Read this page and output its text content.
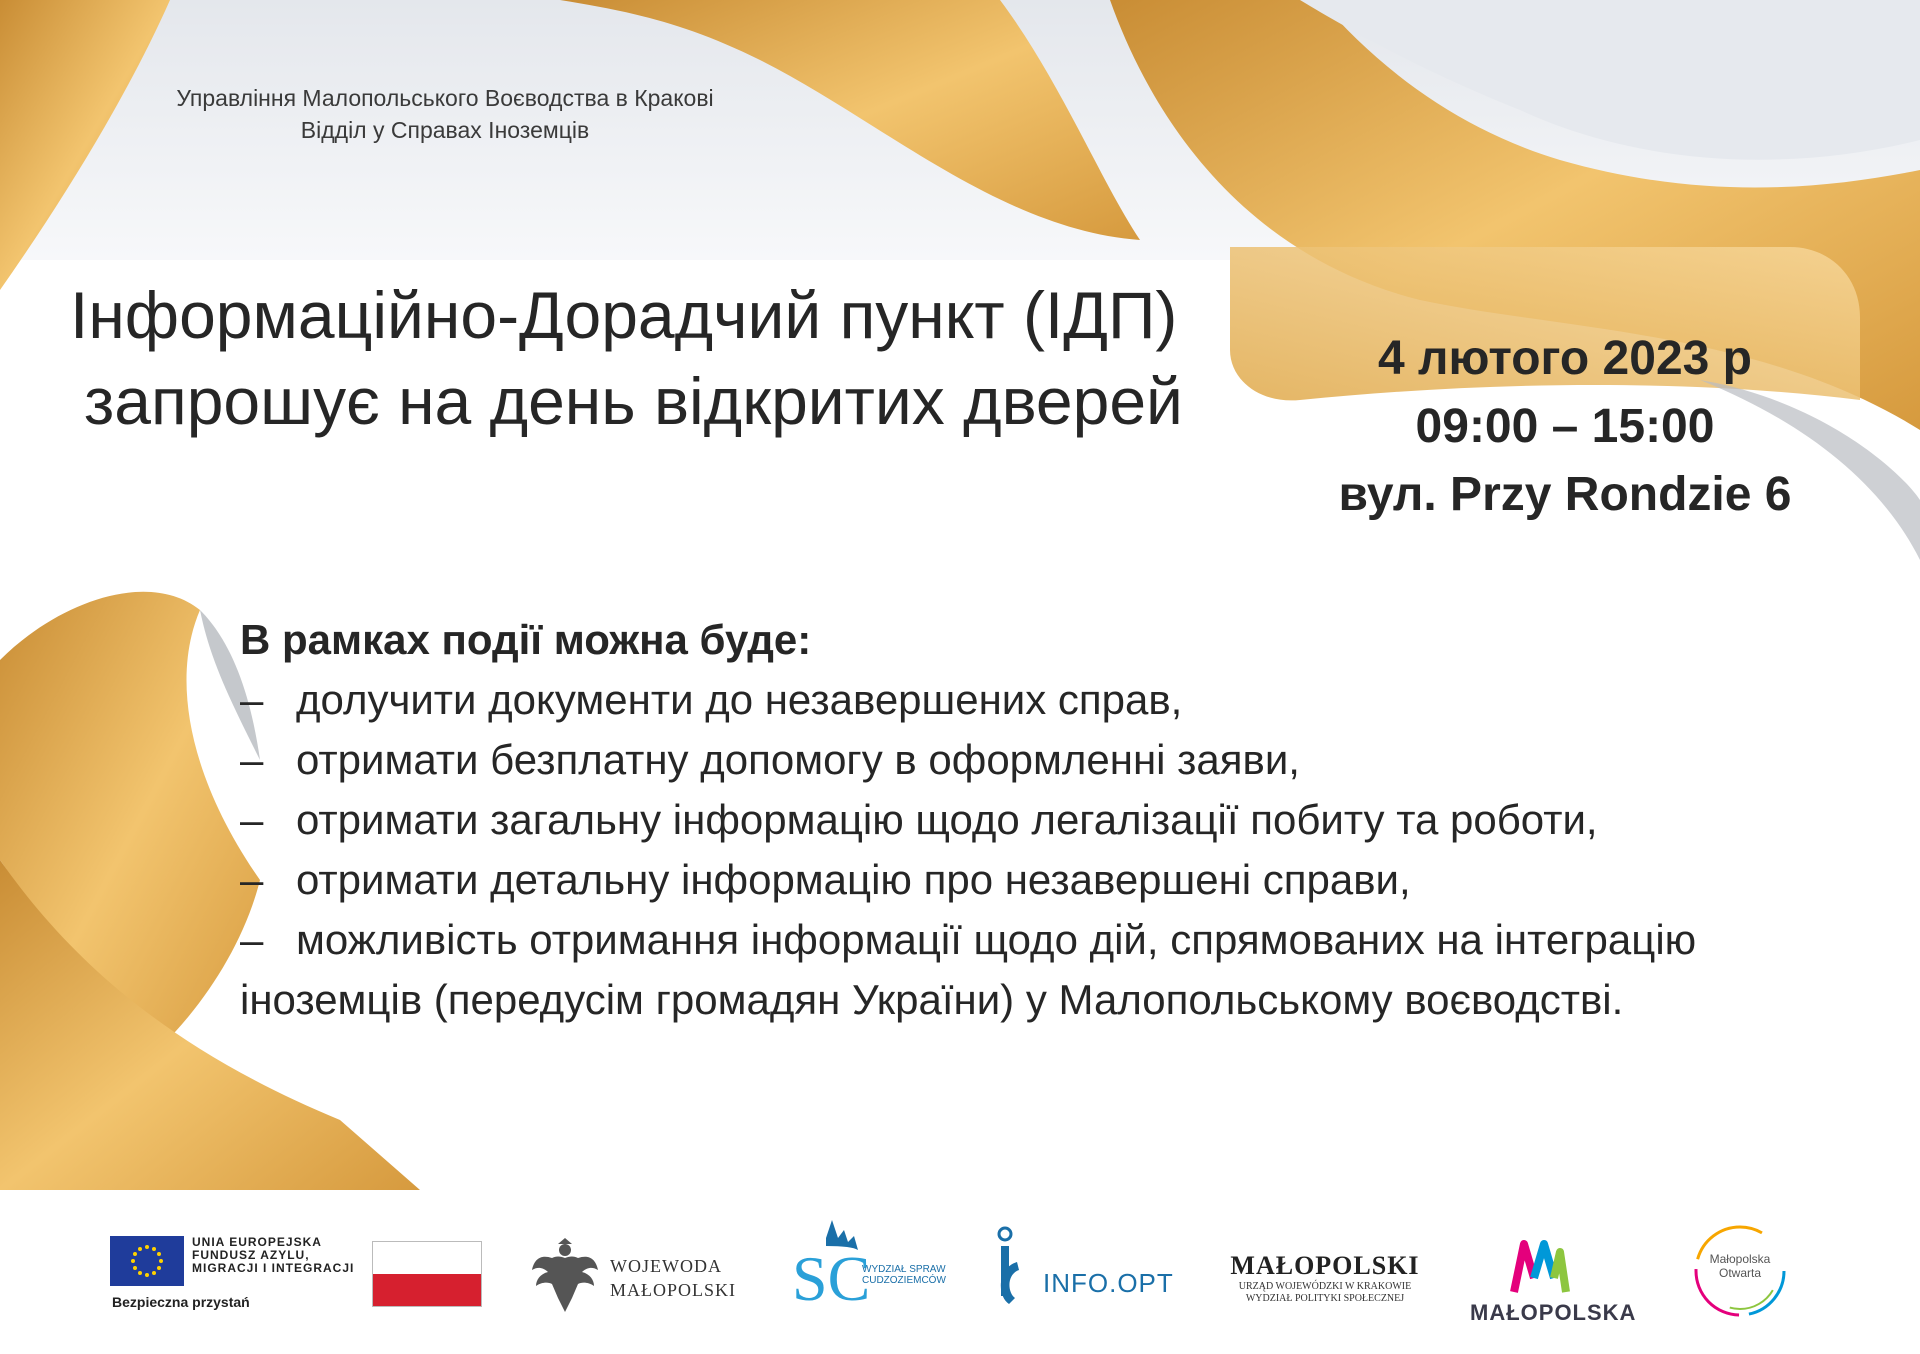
Управління Малопольського Воєводства в Кракові
Відділ у Справах Іноземців
Інформаційно-Дорадчий пункт (ІДП)
запрошує на день відкритих дверей
4 лютого 2023 р
09:00 – 15:00
вул. Przy Rondzie 6
В рамках події можна буде:
– долучити документи до незавершених справ,
– отримати безплатну допомогу в оформленні заяви,
– отримати загальну інформацію щодо легалізації побиту та роботи,
– отримати детальну інформацію про незавершені справи,
– можливість отримання інформації щодо дій, спрямованих на інтеграцію
іноземців (передусім громадян України) у Малопольському воєводстві.
UNIA EUROPEJSKA
FUNDUSZ AZYLU,
MIGRACJI I INTEGRACJI
Bezpieczna przystań
WOJEWODA
MAŁOPOLSKI SC
WYDZIAŁ SPRAW
CUDZOZIEMCÓW	INFO.OPT
MAŁOPOLSKI
URZĄD WOJEWÓDZKI W KRAKOWIE
WYDZIAŁ POLITYKI SPOŁECZNEJ
MAŁOPOLSKA
Małopolska
Otwarta
